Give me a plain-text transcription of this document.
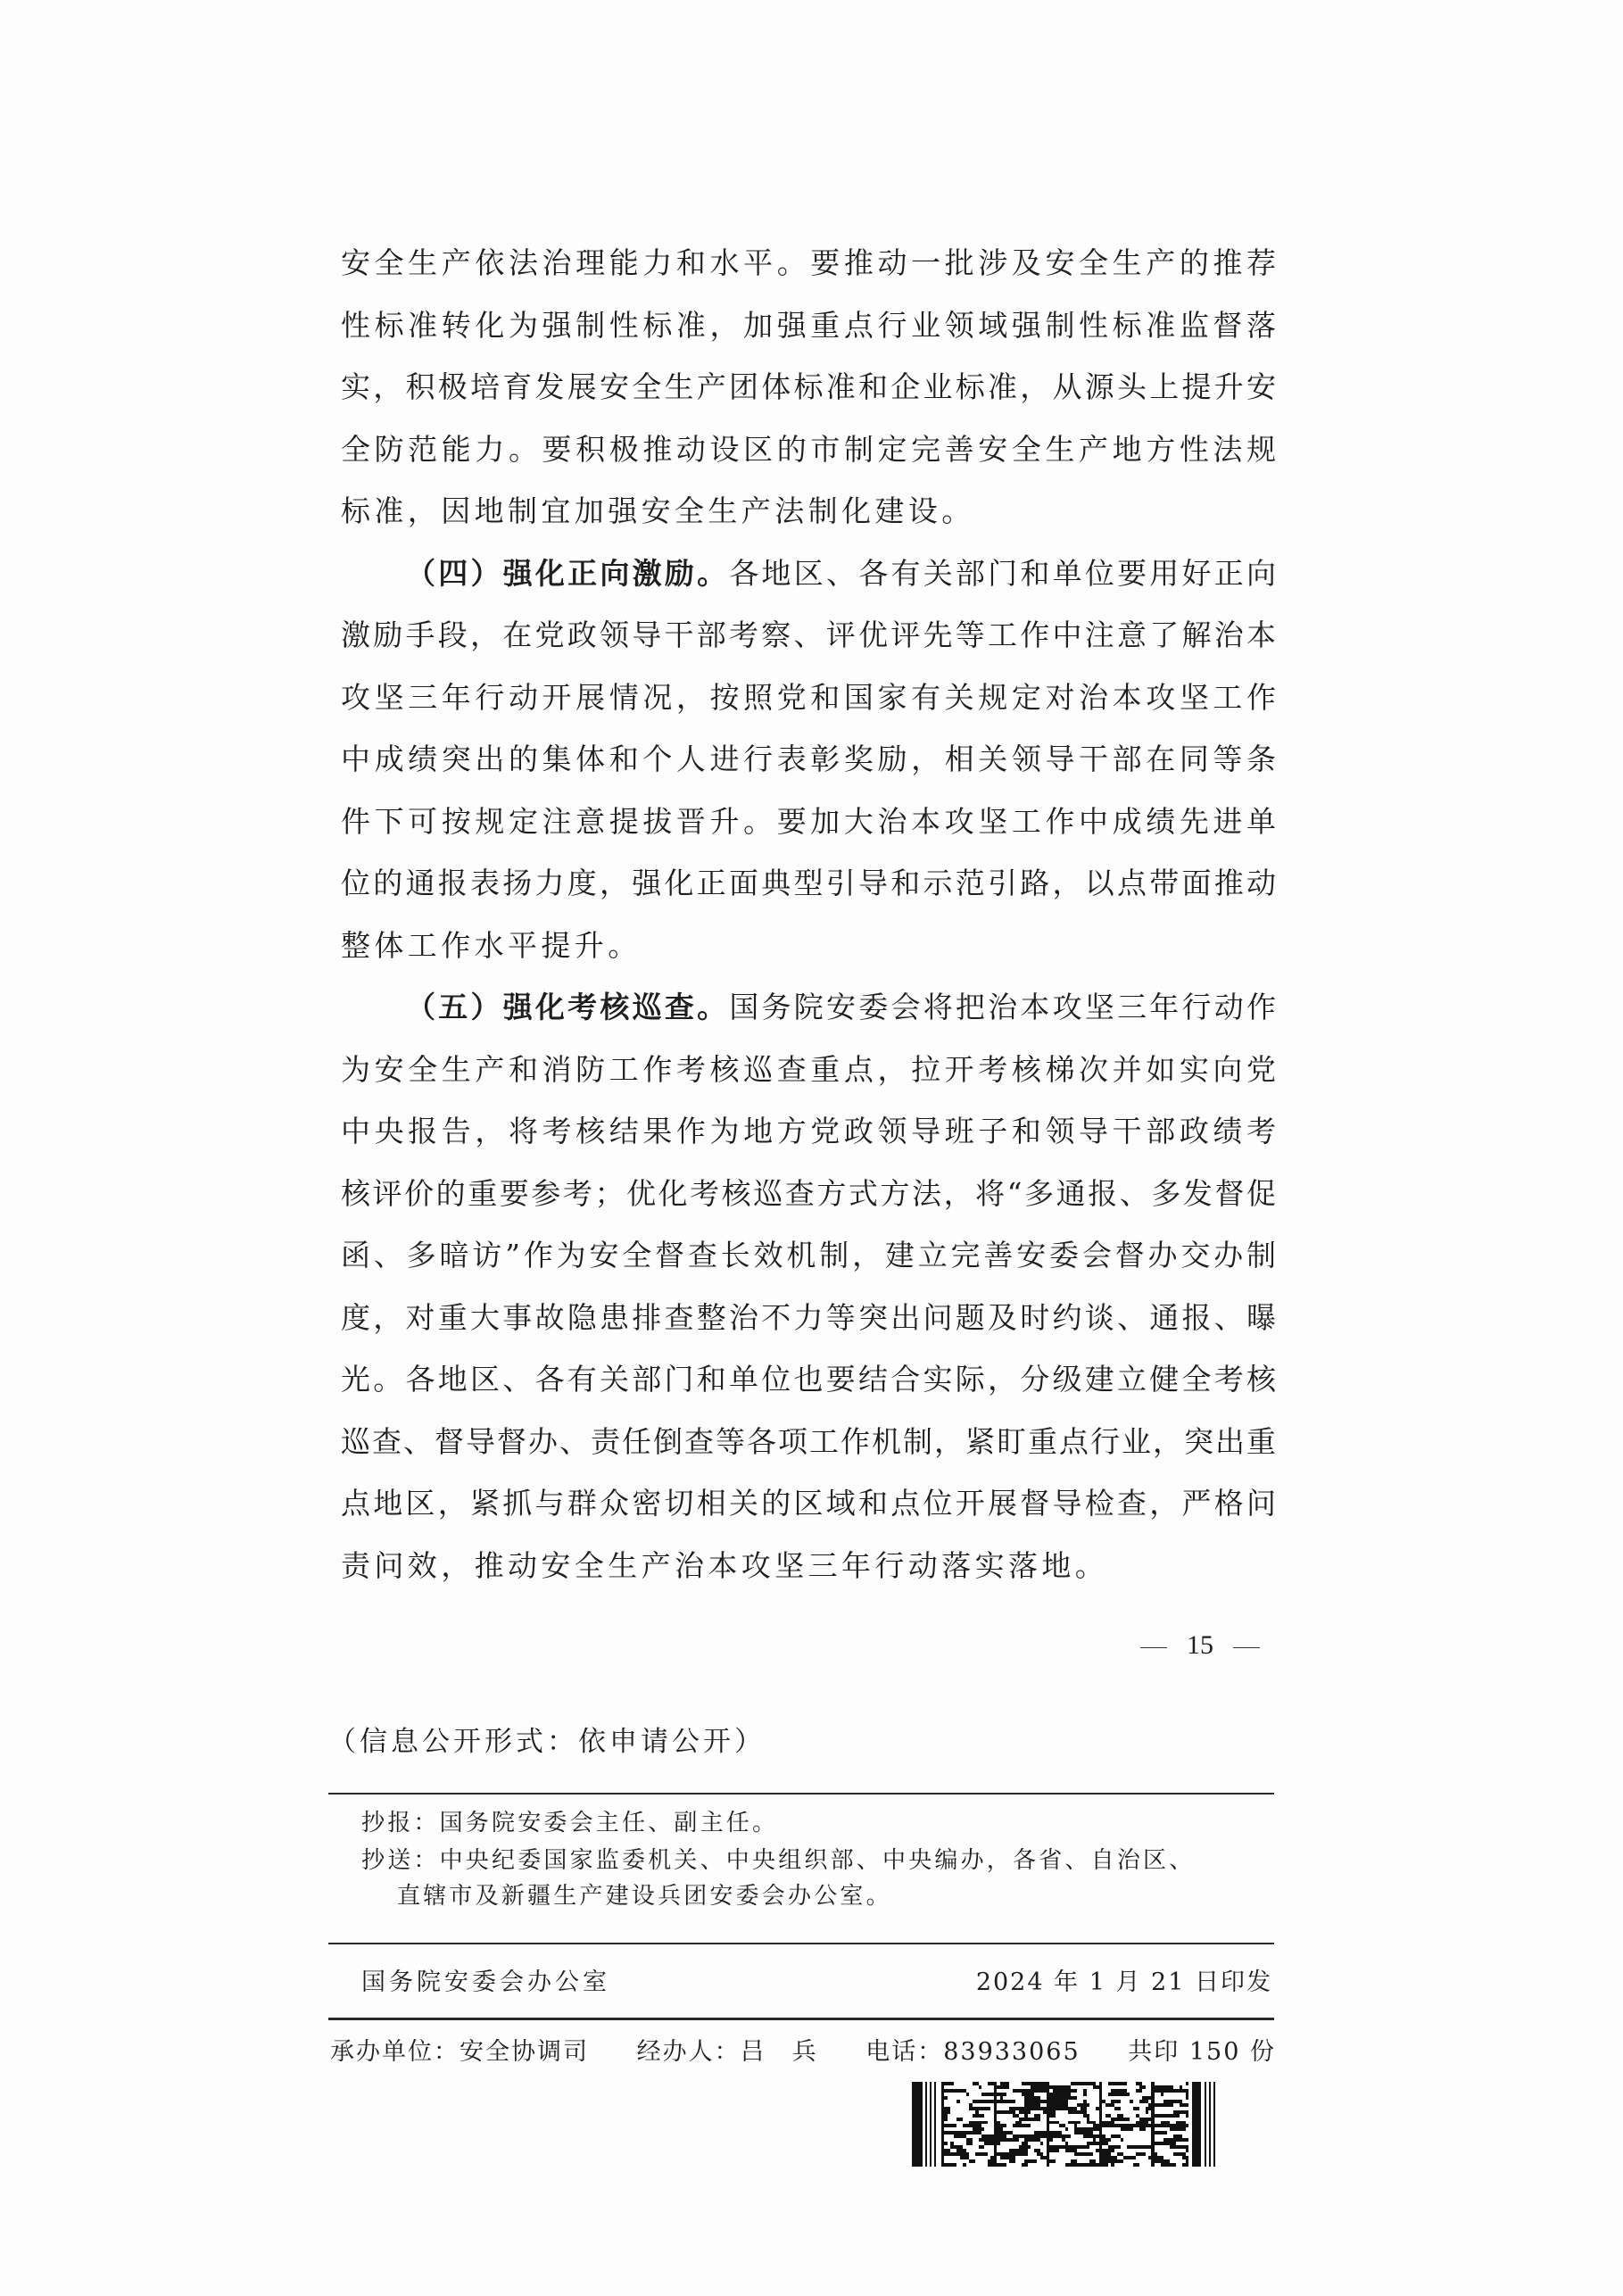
安全生产依法治理能力和水平。要推动一批涉及安全生产的推荐
性标准转化为强制性标准，加强重点行业领域强制性标准监督落
实，积极培育发展安全生产团体标准和企业标准，从源头上提升安
全防范能力。要积极推动设区的市制定完善安全生产地方性法规
标准，因地制宜加强安全生产法制化建设。
（四）强化正向激励。各地区、各有关部门和单位要用好正向
激励手段，在党政领导干部考察、评优评先等工作中注意了解治本
攻坚三年行动开展情况，按照党和国家有关规定对治本攻坚工作
中成绩突出的集体和个人进行表彰奖励，相关领导干部在同等条
件下可按规定注意提拔晋升。要加大治本攻坚工作中成绩先进单
位的通报表扬力度，强化正面典型引导和示范引路，以点带面推动
整体工作水平提升。
（五）强化考核巡查。国务院安委会将把治本攻坚三年行动作
为安全生产和消防工作考核巡查重点，拉开考核梯次并如实向党
中央报告，将考核结果作为地方党政领导班子和领导干部政绩考
核评价的重要参考；优化考核巡查方式方法，将“多通报、多发督促
函、多暗访”作为安全督查长效机制，建立完善安委会督办交办制
度，对重大事故隐患排查整治不力等突出问题及时约谈、通报、曝
光。各地区、各有关部门和单位也要结合实际，分级建立健全考核
巡查、督导督办、责任倒查等各项工作机制，紧盯重点行业，突出重
点地区，紧抓与群众密切相关的区域和点位开展督导检查，严格问
责问效，推动安全生产治本攻坚三年行动落实落地。
15
（信息公开形式：依申请公开）
抄报：国务院安委会主任、副主任。
抄送：中央纪委国家监委机关、中央组织部、中央编办，各省、自治区、
直辖市及新疆生产建设兵团安委会办公室。
国务院安委会办公室	2024 年 1 月 21 日印发
承办单位：安全协调司 经办人：吕　兵 电话：83933065 共印 150 份
